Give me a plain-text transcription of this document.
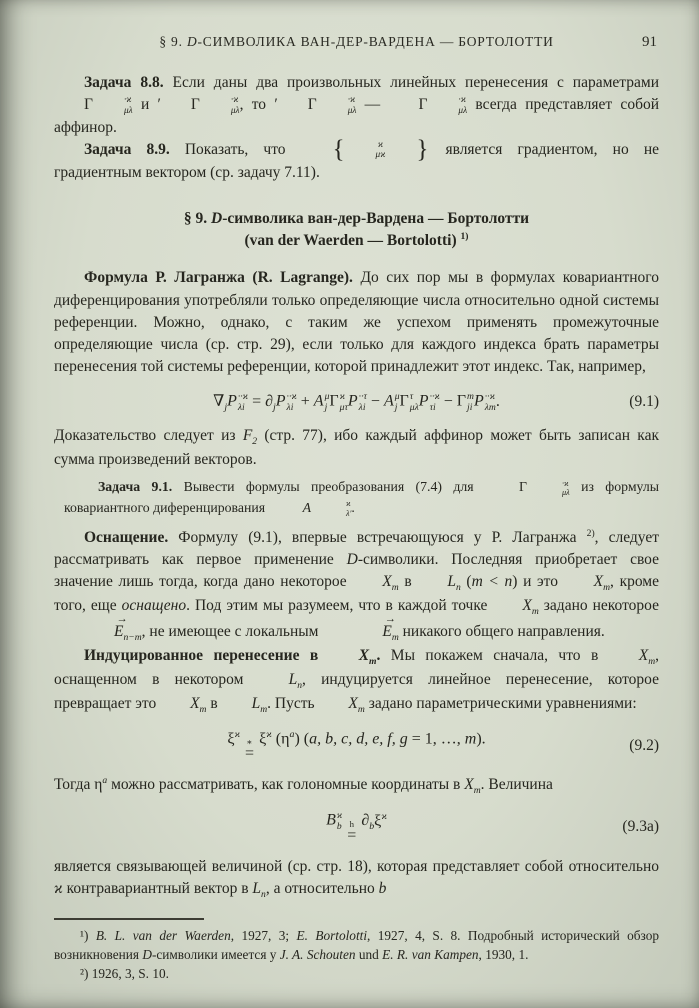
§ 9. D-СИМВОЛИКА ВАН-ДЕР-ВАРДЕНА — БОРТОЛОТТИ	91
Задача 8.8. Если даны два произвольных линейных перенесения с параметрами Γ	·ϰ
μλ и ′ Γ	·ϰ
μλ , то ′ Γ	·ϰ
μλ — Γ	·ϰ
μλ всегда представляет собой аффинор.
Задача 8.9. Показать, что	{	ϰ
μϰ	} является градиентом, но не градиентным вектором (ср. задачу 7.11).
§ 9. D-символика ван-дер-Вардена — Бортолотти
(van der Waerden — Bortolotti) $^{1)}$
Формула Р. Лагранжа (R. Lagrange). До сих пор мы в формулах ковариантного диференцирования употребляли только определяющие числа относительно одной системы референции. Можно, однако, с таким же успехом применять промежуточные определяющие числа (ср. стр. 29), если только для каждого индекса брать параметры перенесения той системы референции, которой принадлежит этот индекс. Так, например,
$\nabla_jP \cdot\cdot ϰ$
$\lambda i = \partial_jP \cdot\cdot ϰ$
λi + A μ
j Γ ϰ
μτ P ··τ
λi − A μ
j Γ τ
μλ P ··ϰ
τi − Γ m
ji P ··ϰ
λm .	(9.1)
Доказательство следует из $F_2$ (стр. 77), ибо каждый аффинор может быть записан как сумма произведений векторов.
Задача 9.1. Вывести формулы преобразования (7.4) для Γ	·ϰ
μλ из формулы ковариантного диференцирования A	ϰ
λ′ .
Оснащение. Формулу (9.1), впервые встречающуюся у Р. Лагранжа $^{2)}$, следует рассматривать как первое применение D-символики. Последняя приобретает свое значение лишь тогда, когда дано некоторое $X_m$ в $L_n$ (m < n) и это $X_m$, кроме того, еще оснащено. Под этим мы разумеем, что в каждой точке $X_m$ задано некоторое
→
$E_{n-m}$, не имеющее с локальным
→
$E_m$ никакого общего направления.
Индуцированное перенесение в $X_m$. Мы покажем сначала, что в $X_m$, оснащенном в некотором $L_n$, индуцируется линейное перенесение, которое превращает это $X_m$ в $L_m$. Пусть $X_m$ задано параметрическими уравнениями:
$\xi^ϰ$
∗
=
$\xi^ϰ$ $(\eta^a)$ (a, b, c, d, e, f, g = 1, …, m).	(9.2)
Тогда $\eta^a$ можно рассматривать, как голономные координаты в $X_m$. Величина
B ϰ
b h
=
$\partial_b\xi^ϰ$
(9.3a)
является связывающей величиной (ср. стр. 18), которая представляет собой относительно ϰ контравариантный вектор в $L_n$, а относительно b
¹) B. L. van der Waerden, 1927, 3; E. Bortolotti, 1927, 4, S. 8. Подробный исторический обзор возникновения D-символики имеется у J. A. Schouten und E. R. van Kampen, 1930, 1.
²) 1926, 3, S. 10.
